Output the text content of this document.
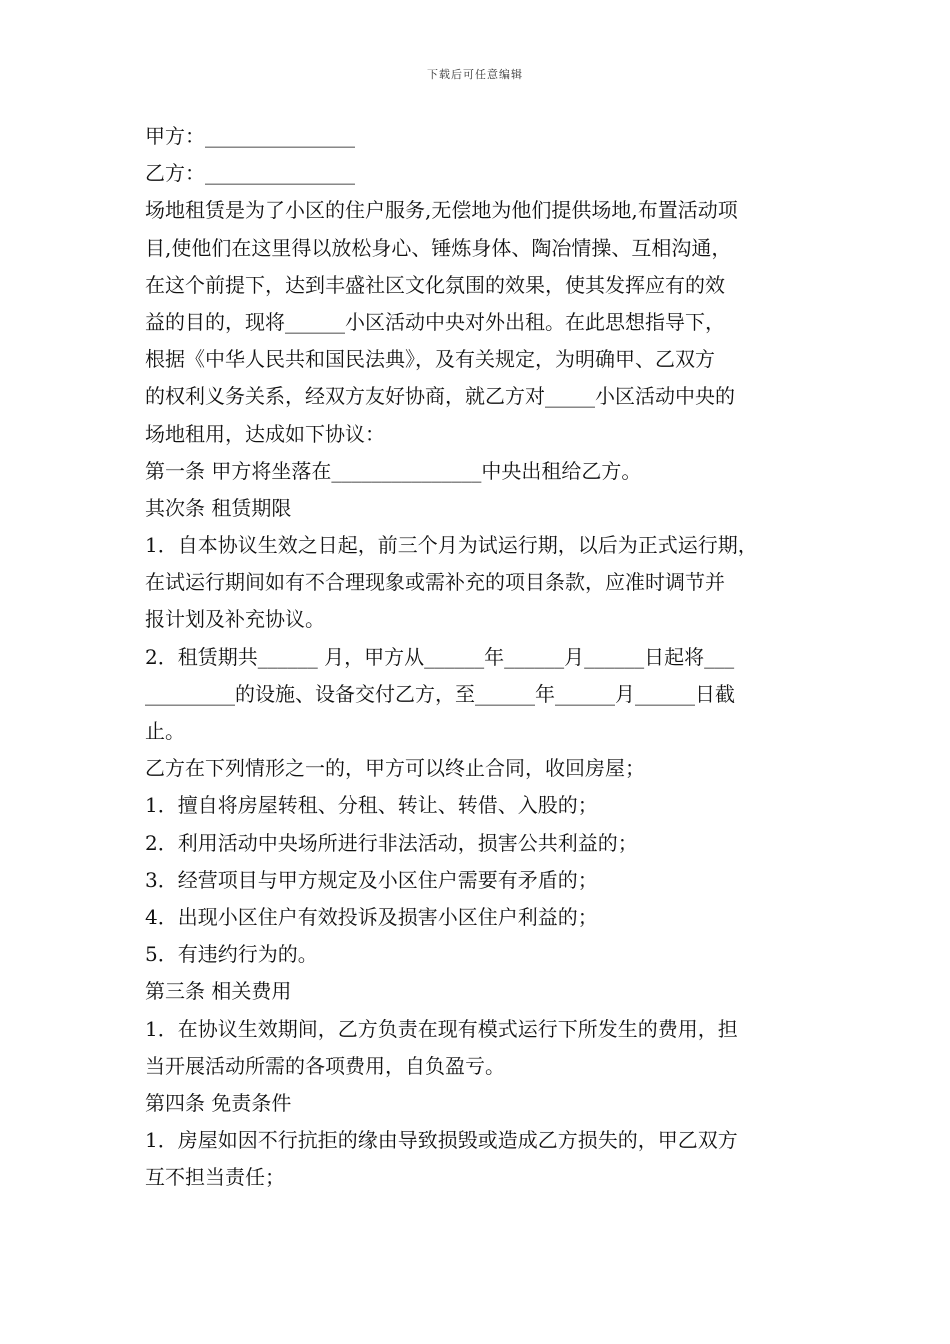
下载后可任意编辑
甲方：_______________
乙方：_______________
场地租赁是为了小区的住户服务,无偿地为他们提供场地,布置活动项
目,使他们在这里得以放松身心、锤炼身体、陶冶情操、互相沟通，
在这个前提下，达到丰盛社区文化氛围的效果，使其发挥应有的效
益的目的，现将______小区活动中央对外出租。在此思想指导下，
根据《中华人民共和国民法典》，及有关规定，为明确甲、乙双方
的权利义务关系，经双方友好协商，就乙方对_____小区活动中央的
场地租用，达成如下协议：
第一条 甲方将坐落在_______________中央出租给乙方。
其次条 租赁期限
1．自本协议生效之日起，前三个月为试运行期，以后为正式运行期，
在试运行期间如有不合理现象或需补充的项目条款，应准时调节并
报计划及补充协议。
2．租赁期共______ 月，甲方从______年______月______日起将___
_________的设施、设备交付乙方，至______年______月______日截
止。
乙方在下列情形之一的，甲方可以终止合同，收回房屋；
1．擅自将房屋转租、分租、转让、转借、入股的；
2．利用活动中央场所进行非法活动，损害公共利益的；
3．经营项目与甲方规定及小区住户需要有矛盾的；
4．出现小区住户有效投诉及损害小区住户利益的；
5．有违约行为的。
第三条 相关费用
1．在协议生效期间，乙方负责在现有模式运行下所发生的费用，担
当开展活动所需的各项费用，自负盈亏。
第四条 免责条件
1．房屋如因不行抗拒的缘由导致损毁或造成乙方损失的，甲乙双方
互不担当责任；
